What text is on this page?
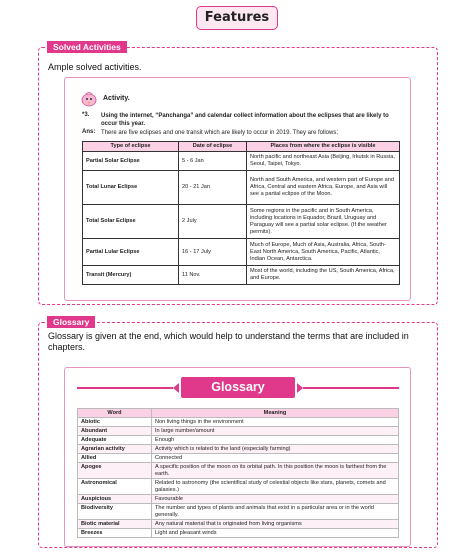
Features
Solved Activities
Ample solved activities.
Activity.
*3. Using the internet, “Panchanga” and calendar collect information about the eclipses that are likely to occur this year.
Ans: There are five eclipses and one transit which are likely to occur in 2019. They are follows;
Type of eclipse	Date of eclipse	Places from where the eclipse is visible
Partial Solar Eclipse	5 - 6 Jan	North pacific and northeast Asia (Beijing, Irkutsk in Russia, Seoul, Taipei, Tokyo.
Total Lunar Eclipse	20 - 21 Jan	North and South America, and western part of Europe and Africa, Central and eastern Africa, Europe, and Asia will see a partial eclipse of the Moon.
Total Solar Eclipse	2 July	Some regions in the pacific and in South America, including locations in Equador, Brazil, Uruguay and Paraguay will see a partial solar eclipse. (If the weather permits).
Partial Lular Eclipse	16 - 17 July	Much of Europe, Much of Asia, Australia, Africa, South-East North America, South America, Pacific, Atlantic, Indian Ocean, Antarctica.
Transit (Mercury)	11 Nov.	Most of the world, including the US, South America, Africa, and Europe.
Glossary
Glossary is given at the end, which would help to understand the terms that are included in chapters.
Glossary
Word	Meaning
Abiotic	Non living things in the environment
Abundant	In large number/amount
Adequate	Enough
Agrarian activity	Activity which is related to the land (especially farming)
Allied	Connected
Apogee	A specific position of the moon on its orbital path. In this position the moon is farthest from the earth.
Astronomical	Related to astronomy (the scientifical study of celestial objects like stars, planets, comets and galaxies.)
Auspicious	Favourable
Biodiversity	The number and types of plants and animals that exist in a particular area or in the world generally.
Biotic material	Any natural material that is originated from living organisms
Breezes	Light and pleasant winds
